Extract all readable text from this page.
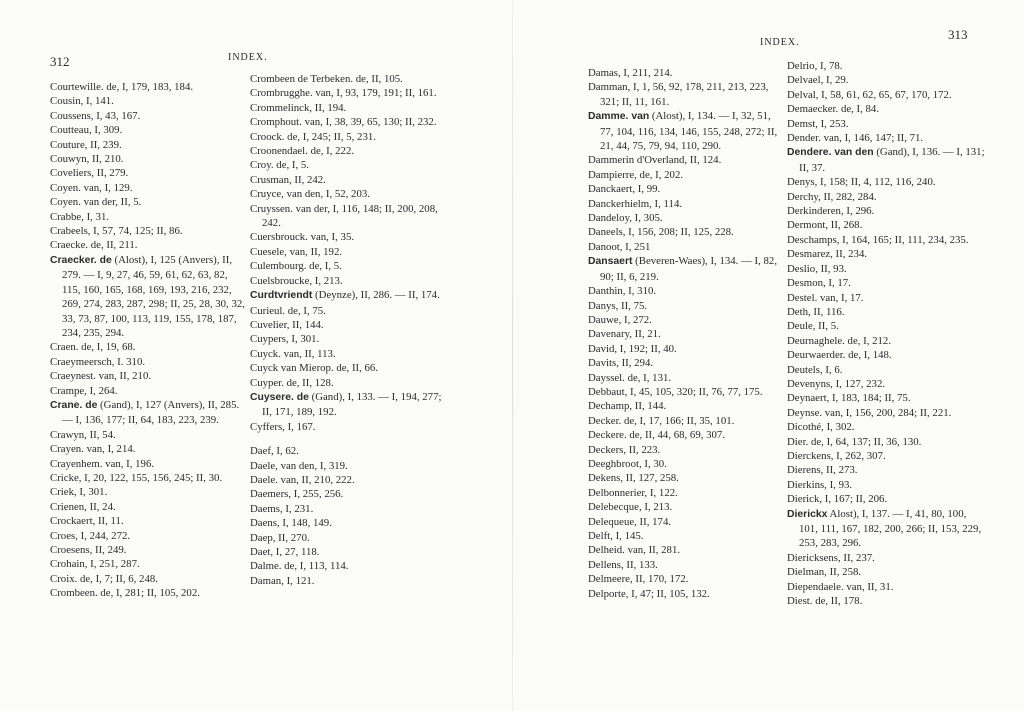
312	INDEX.
INDEX.
313
Courtewille. de, I, 179, 183, 184.
Cousin, I, 141.
Coussens, I, 43, 167.
Coutteau, I, 309.
Couture, II, 239.
Couwyn, II, 210.
Coveliers, II, 279.
Coyen. van, I, 129.
Coyen. van der, II, 5.
Crabbe, I, 31.
Crabeels, I, 57, 74, 125; II, 86.
Craecke. de, II, 211.
Craecker. de (Alost), I, 125 (Anvers), II, 279. — I, 9, 27, 46, 59, 61, 62, 63, 82, 115, 160, 165, 168, 169, 193, 216, 232, 269, 274, 283, 287, 298; II, 25, 28, 30, 32, 33, 73, 87, 100, 113, 119, 155, 178, 187, 234, 235, 294.
Craen. de, I, 19, 68.
Craeymeersch, I. 310.
Craeynest. van, II, 210.
Crampe, I, 264.
Crane. de (Gand), I, 127 (Anvers), II, 285. — I, 136, 177; II, 64, 183, 223, 239.
Crawyn, II, 54.
Crayen. van, I, 214.
Crayenhem. van, I, 196.
Cricke, I, 20, 122, 155, 156, 245; II, 30.
Criek, I, 301.
Crienen, II, 24.
Crockaert, II, 11.
Croes, I, 244, 272.
Croesens, II, 249.
Crohain, I, 251, 287.
Croix. de, I, 7; II, 6, 248.
Crombeen. de, I, 281; II, 105, 202.
Crombeen de Terbeken. de, II, 105.
Crombrugghe. van, I, 93, 179, 191; II, 161.
Crommelinck, II, 194.
Cromphout. van, I, 38, 39, 65, 130; II, 232.
Croock. de, I, 245; II, 5, 231.
Croonendael. de, I, 222.
Croy. de, I, 5.
Crusman, II, 242.
Cruyce, van den, I, 52, 203.
Cruyssen. van der, I, 116, 148; II, 200, 208, 242.
Cuersbrouck. van, I, 35.
Cuesele, van, II, 192.
Culembourg. de, I, 5.
Cuelsbroucke, I, 213.
Curdtvriendt (Deynze), II, 286. — II, 174.
Curieul. de, I, 75.
Cuvelier, II, 144.
Cuypers, I, 301.
Cuyck. van, II, 113.
Cuyck van Mierop. de, II, 66.
Cuyper. de, II, 128.
Cuysere. de (Gand), I, 133. — I, 194, 277; II, 171, 189, 192.
Cyffers, I, 167.
Daef, I, 62.
Daele, van den, I, 319.
Daele. van, II, 210, 222.
Daemers, I, 255, 256.
Daems, I, 231.
Daens, I, 148, 149.
Daep, II, 270.
Daet, I, 27, 118.
Dalme. de, I, 113, 114.
Daman, I, 121.
Damas, I, 211, 214.
Damman, I, 1, 56, 92, 178, 211, 213, 223, 321; II, 11, 161.
Damme. van (Alost), I, 134. — I, 32, 51, 77, 104, 116, 134, 146, 155, 248, 272; II, 21, 44, 75, 79, 94, 110, 290.
Dammerin d'Overland, II, 124.
Dampierre, de, I, 202.
Danckaert, I, 99.
Danckerhielm, I, 114.
Dandeloy, I, 305.
Daneels, I, 156, 208; II, 125, 228.
Danoot, I, 251
Dansaert (Beveren-Waes), I, 134. — I, 82, 90; II, 6, 219.
Danthin, I, 310.
Danys, II, 75.
Dauwe, I, 272.
Davenary, II, 21.
David, I, 192; II, 40.
Davits, II, 294.
Dayssel. de, I, 131.
Debbaut, I, 45, 105, 320; II, 76, 77, 175.
Dechamp, II, 144.
Decker. de, I, 17, 166; II, 35, 101.
Deckere. de, II, 44, 68, 69, 307.
Deckers, II, 223.
Deeghbroot, I, 30.
Dekens, II, 127, 258.
Delbonnerier, I, 122.
Delebecque, I, 213.
Delequeue, II, 174.
Delft, I, 145.
Delheid. van, II, 281.
Dellens, II, 133.
Delmeere, II, 170, 172.
Delporte, I, 47; II, 105, 132.
Delrio, I, 78.
Delvael, I, 29.
Delval, I, 58, 61, 62, 65, 67, 170, 172.
Demaecker. de, I, 84.
Demst, I, 253.
Dender. van, I, 146, 147; II, 71.
Dendere. van den (Gand), I, 136. — I, 131; II, 37.
Denys, I, 158; II, 4, 112, 116, 240.
Derchy, II, 282, 284.
Derkinderen, I, 296.
Dermont, II, 268.
Deschamps, I, 164, 165; II, 111, 234, 235.
Desmarez, II, 234.
Deslio, II, 93.
Desmon, I, 17.
Destel. van, I, 17.
Deth, II, 116.
Deule, II, 5.
Deurnaghele. de, I, 212.
Deurwaerder. de, I, 148.
Deutels, I, 6.
Devenyns, I, 127, 232.
Deynaert, I, 183, 184; II, 75.
Deynse. van, I, 156, 200, 284; II, 221.
Dicothé, I, 302.
Dier. de, I, 64, 137; II, 36, 130.
Dierckens, I, 262, 307.
Dierens, II, 273.
Dierkins, I, 93.
Dierick, I, 167; II, 206.
Dierickx Alost), I, 137. — I, 41, 80, 100, 101, 111, 167, 182, 200, 266; II, 153, 229, 253, 283, 296.
Diericksens, II, 237.
Dielman, II, 258.
Diependaele. van, II, 31.
Diest. de, II, 178.
